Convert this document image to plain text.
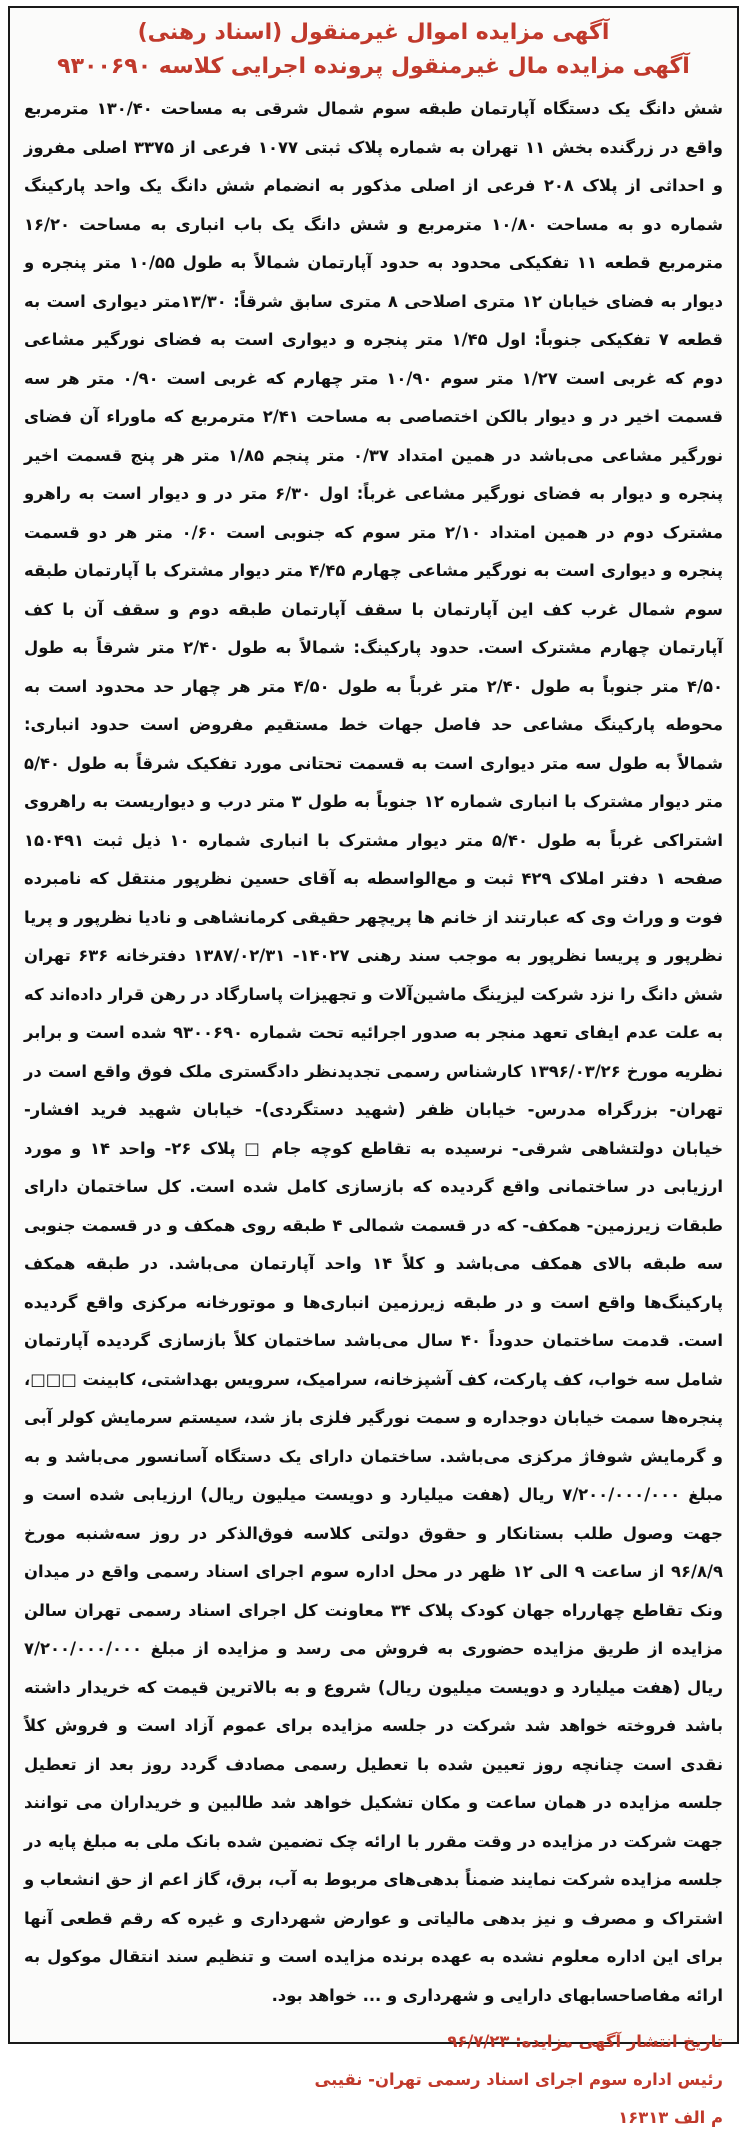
آگهی مزایده اموال غیرمنقول (اسناد رهنی)
آگهی مزایده مال غیرمنقول پرونده اجرایی کلاسه ۹۳۰۰۶۹۰
شش دانگ یک دستگاه آپارتمان طبقه سوم شمال شرقی به مساحت ۱۳۰/۴۰ مترمربع واقع در زرگنده بخش ۱۱ تهران به شماره پلاک ثبتی ۱۰۷۷ فرعی از ۳۳۷۵ اصلی مفروز و احداثی از پلاک ۲۰۸ فرعی از اصلی مذکور به انضمام شش دانگ یک واحد پارکینگ شماره دو به مساحت ۱۰/۸۰ مترمربع و شش دانگ یک باب انباری به مساحت ۱۶/۲۰ مترمربع قطعه ۱۱ تفکیکی محدود به حدود آپارتمان شمالاً به طول ۱۰/۵۵ متر پنجره و دیوار به فضای خیابان ۱۲ متری اصلاحی ۸ متری سابق شرقاً: ۱۳/۳۰متر دیواری است به قطعه ۷ تفکیکی جنوباً: اول ۱/۴۵ متر پنجره و دیواری است به فضای نورگیر مشاعی دوم که غربی است ۱/۲۷ متر سوم ۱۰/۹۰ متر چهارم که غربی است ۰/۹۰ متر هر سه قسمت اخیر در و دیوار بالکن اختصاصی به مساحت ۲/۴۱ مترمربع که ماوراء آن فضای نورگیر مشاعی می‌باشد در همین امتداد ۰/۳۷ متر پنجم ۱/۸۵ متر هر پنج قسمت اخیر پنجره و دیوار به فضای نورگیر مشاعی غرباً: اول ۶/۳۰ متر در و دیوار است به راهرو مشترک دوم در همین امتداد ۲/۱۰ متر سوم که جنوبی است ۰/۶۰ متر هر دو قسمت پنجره و دیواری است به نورگیر مشاعی چهارم ۴/۴۵ متر دیوار مشترک با آپارتمان طبقه سوم شمال غرب کف این آپارتمان با سقف آپارتمان طبقه دوم و سقف آن با کف آپارتمان چهارم مشترک است. حدود پارکینگ: شمالاً به طول ۲/۴۰ متر شرقاً به طول ۴/۵۰ متر جنوباً به طول ۲/۴۰ متر غرباً به طول ۴/۵۰ متر هر چهار حد محدود است به محوطه پارکینگ مشاعی حد فاصل جهات خط مستقیم مفروض است حدود انباری: شمالاً به طول سه متر دیواری است به قسمت تحتانی مورد تفکیک شرقاً به طول ۵/۴۰ متر دیوار مشترک با انباری شماره ۱۲ جنوباً به طول ۳ متر درب و دیواریست به راهروی اشتراکی غرباً به طول ۵/۴۰ متر دیوار مشترک با انباری شماره ۱۰ ذیل ثبت ۱۵۰۴۹۱ صفحه ۱ دفتر املاک ۴۲۹ ثبت و مع‌الواسطه به آقای حسین نظرپور منتقل که نامبرده فوت و وراث وی که عبارتند از خانم ها پریچهر حقیقی کرمانشاهی و نادیا نظرپور و پریا نظرپور و پریسا نظرپور به موجب سند رهنی ۱۴۰۲۷- ۱۳۸۷/۰۲/۳۱ دفترخانه ۶۳۶ تهران شش دانگ را نزد شرکت لیزینگ ماشین‌آلات و تجهیزات پاسارگاد در رهن قرار داده‌اند که به علت عدم ایفای تعهد منجر به صدور اجرائیه تحت شماره ۹۳۰۰۶۹۰ شده است و برابر نظریه مورخ ۱۳۹۶/۰۳/۲۶ کارشناس رسمی تجدیدنظر دادگستری ملک فوق واقع است در تهران- بزرگراه مدرس- خیابان ظفر (شهید دستگردی)- خیابان شهید فرید افشار- خیابان دولتشاهی شرقی- نرسیده به تقاطع کوچه جام □ پلاک ۲۶- واحد ۱۴ و مورد ارزیابی در ساختمانی واقع گردیده که بازسازی کامل شده است. کل ساختمان دارای طبقات زیرزمین- همکف- که در قسمت شمالی ۴ طبقه روی همکف و در قسمت جنوبی سه طبقه بالای همکف می‌باشد و کلاً ۱۴ واحد آپارتمان می‌باشد. در طبقه همکف پارکینگ‌ها واقع است و در طبقه زیرزمین انباری‌ها و موتورخانه مرکزی واقع گردیده است. قدمت ساختمان حدوداً ۴۰ سال می‌باشد ساختمان کلاً بازسازی گردیده آپارتمان شامل سه خواب، کف پارکت، کف آشپزخانه، سرامیک، سرویس بهداشتی، کابینت □□□، پنجره‌ها سمت خیابان دوجداره و سمت نورگیر فلزی باز شد، سیستم سرمایش کولر آبی و گرمایش شوفاژ مرکزی می‌باشد. ساختمان دارای یک دستگاه آسانسور می‌باشد و به مبلغ ۷/۲۰۰/۰۰۰/۰۰۰ ریال (هفت میلیارد و دویست میلیون ریال) ارزیابی شده است و جهت وصول طلب بستانکار و حقوق دولتی کلاسه فوق‌الذکر در روز سه‌شنبه مورخ ۹۶/۸/۹ از ساعت ۹ الی ۱۲ ظهر در محل اداره سوم اجرای اسناد رسمی واقع در میدان ونک تقاطع چهارراه جهان کودک پلاک ۳۴ معاونت کل اجرای اسناد رسمی تهران سالن مزایده از طریق مزایده حضوری به فروش می رسد و مزایده از مبلغ ۷/۲۰۰/۰۰۰/۰۰۰ ریال (هفت میلیارد و دویست میلیون ریال) شروع و به بالاترین قیمت که خریدار داشته باشد فروخته خواهد شد شرکت در جلسه مزایده برای عموم آزاد است و فروش کلاً نقدی است چنانچه روز تعیین شده با تعطیل رسمی مصادف گردد روز بعد از تعطیل جلسه مزایده در همان ساعت و مکان تشکیل خواهد شد طالبین و خریداران می توانند جهت شرکت در مزایده در وقت مقرر با ارائه چک تضمین شده بانک ملی به مبلغ پایه در جلسه مزایده شرکت نمایند ضمناً بدهی‌های مربوط به آب، برق، گاز اعم از حق انشعاب و اشتراک و مصرف و نیز بدهی مالیاتی و عوارض شهرداری و غیره که رقم قطعی آنها برای این اداره معلوم نشده به عهده برنده مزایده است و تنظیم سند انتقال موکول به ارائه مفاصاحسابهای دارایی و شهرداری و ... خواهد بود.
تاریخ انتشار آگهی مزایده: ۹۶/۷/۲۳
رئیس اداره سوم اجرای اسناد رسمی تهران- نقیبی
م الف ۱۶۳۱۳
